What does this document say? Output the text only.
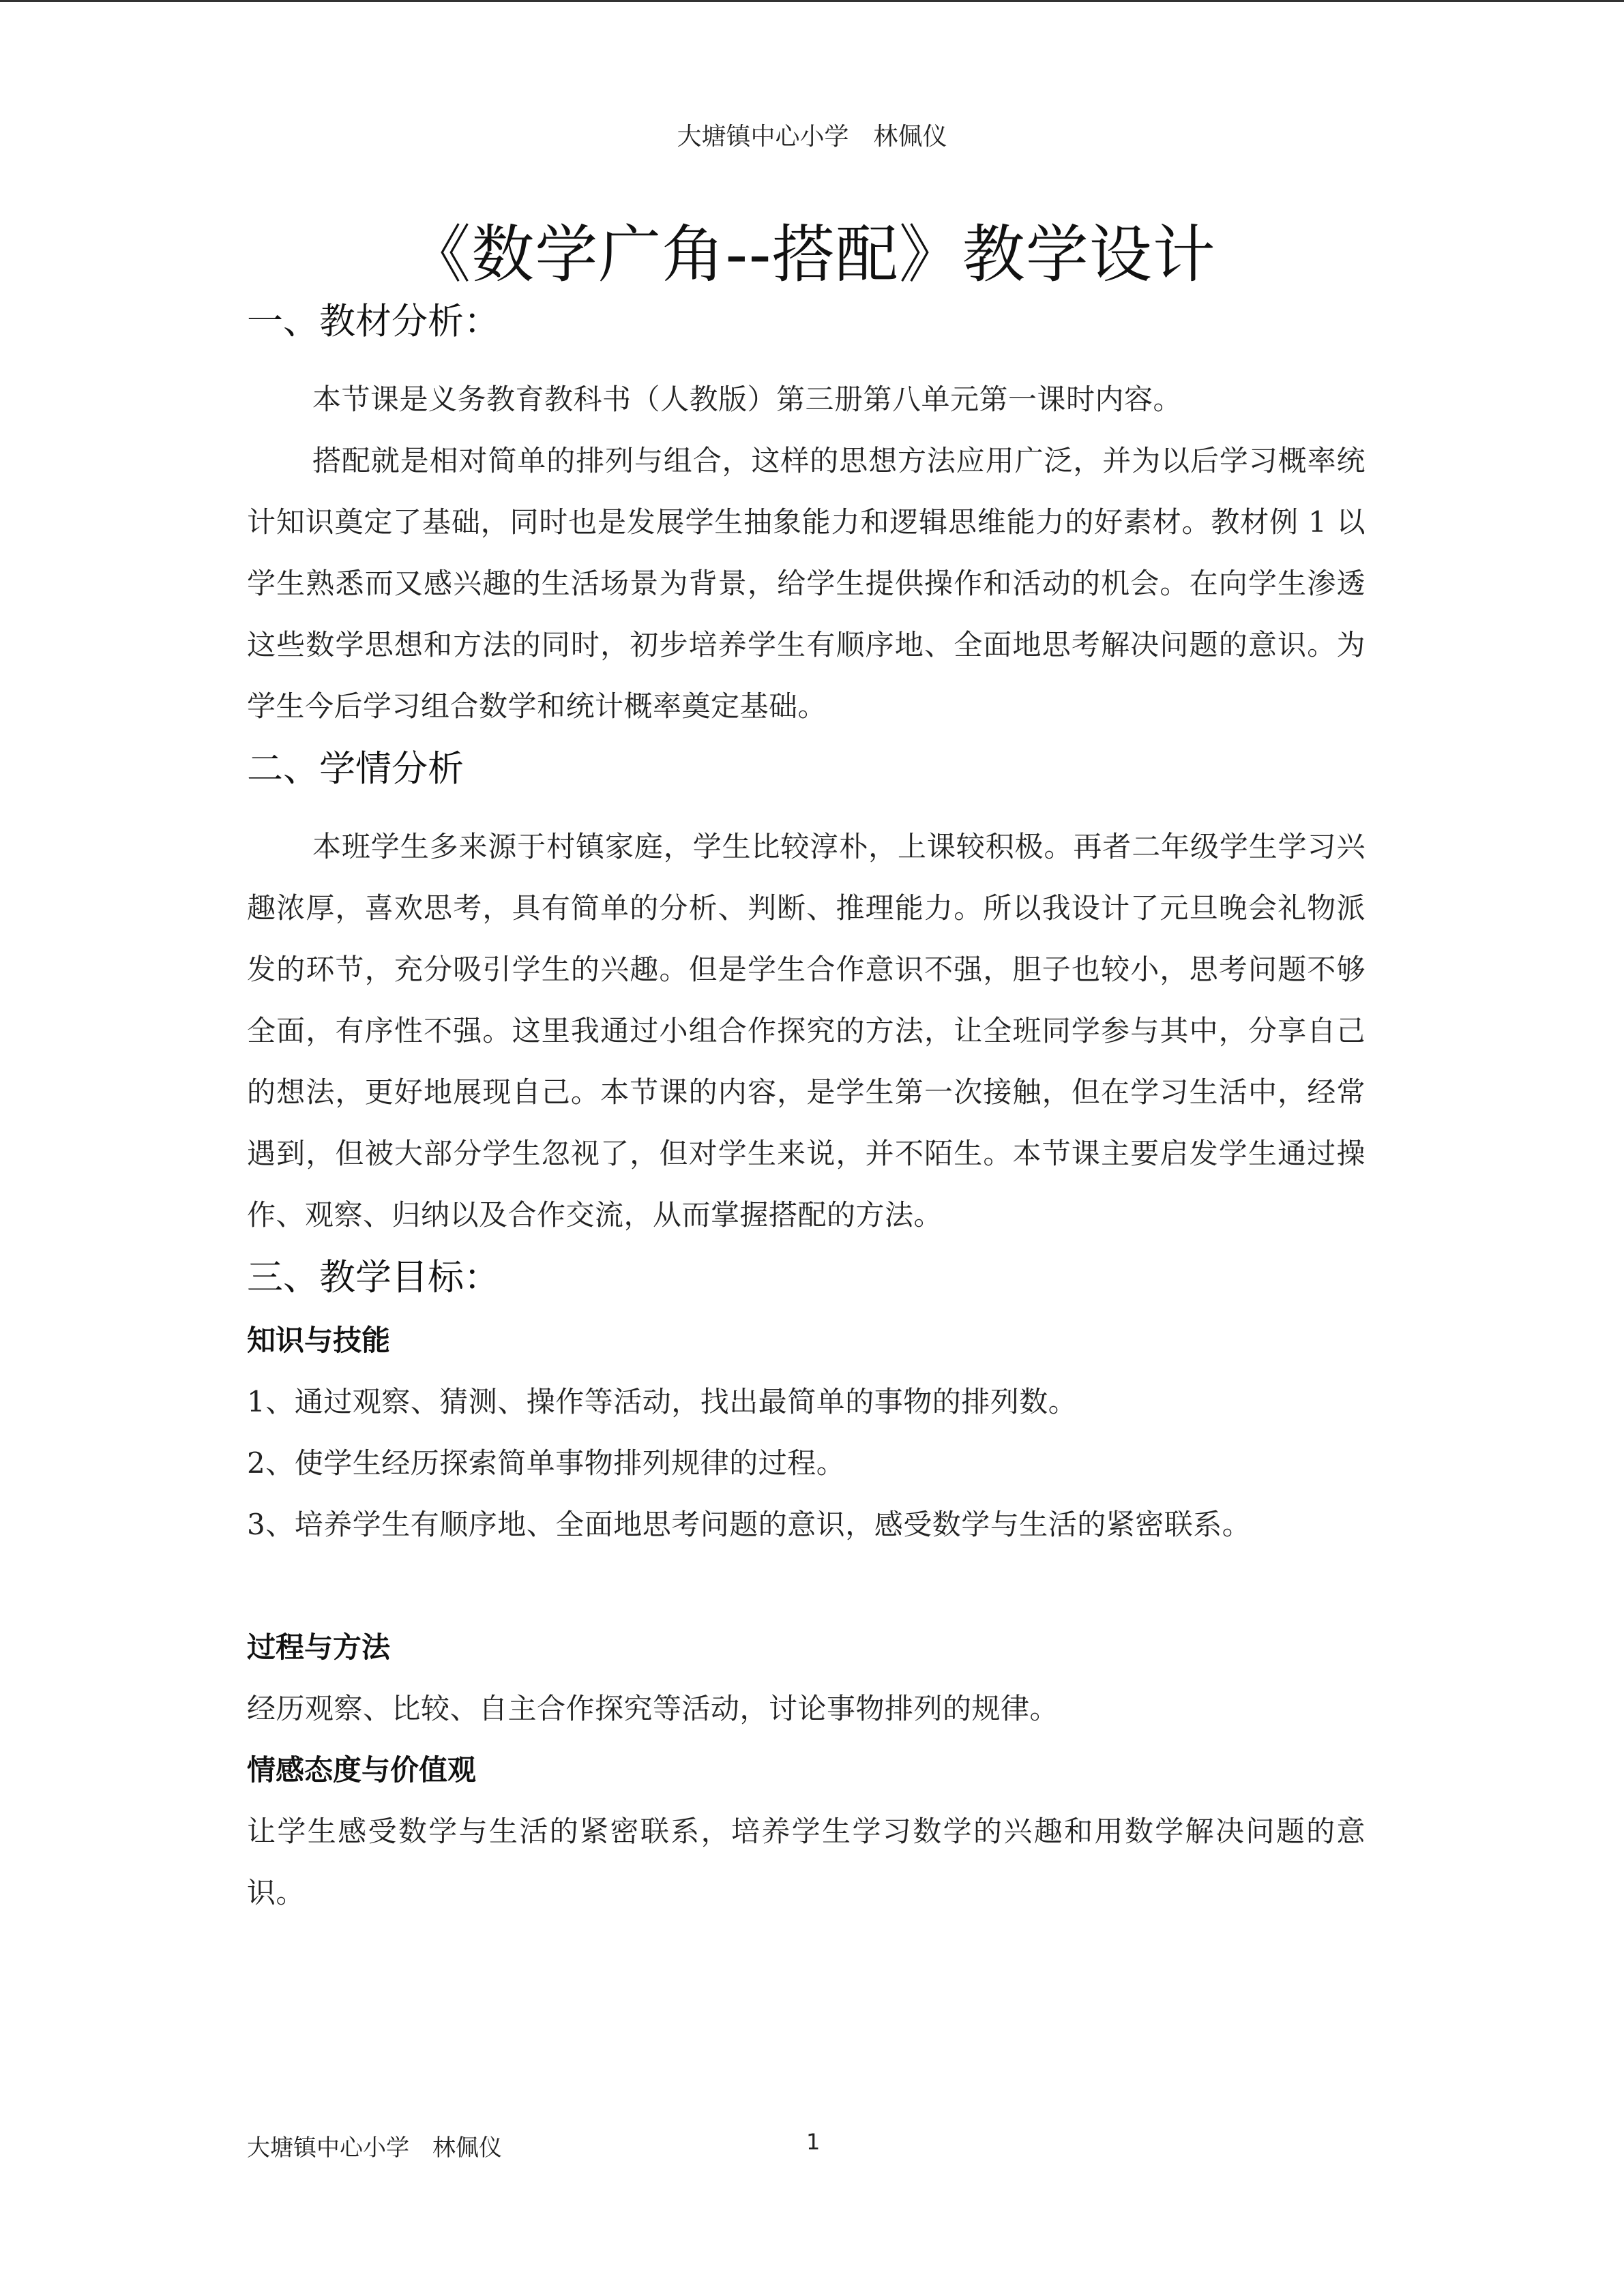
大塘镇中心小学　林佩仪
《数学广角--搭配》教学设计
一、教材分析：

本节课是义务教育教科书（人教版）第三册第八单元第一课时内容。

搭配就是相对简单的排列与组合，这样的思想方法应用广泛，并为以后学习概率统计知识奠定了基础，同时也是发展学生抽象能力和逻辑思维能力的好素材。教材例 1 以学生熟悉而又感兴趣的生活场景为背景，给学生提供操作和活动的机会。在向学生渗透这些数学思想和方法的同时，初步培养学生有顺序地、全面地思考解决问题的意识。为学生今后学习组合数学和统计概率奠定基础。

二、学情分析

本班学生多来源于村镇家庭，学生比较淳朴，上课较积极。再者二年级学生学习兴趣浓厚，喜欢思考，具有简单的分析、判断、推理能力。所以我设计了元旦晚会礼物派发的环节，充分吸引学生的兴趣。但是学生合作意识不强，胆子也较小，思考问题不够全面，有序性不强。这里我通过小组合作探究的方法，让全班同学参与其中，分享自己的想法，更好地展现自己。本节课的内容，是学生第一次接触，但在学习生活中，经常遇到，但被大部分学生忽视了，但对学生来说，并不陌生。本节课主要启发学生通过操作、观察、归纳以及合作交流，从而掌握搭配的方法。

三、教学目标：
知识与技能

1、通过观察、猜测、操作等活动，找出最简单的事物的排列数。

2、使学生经历探索简单事物排列规律的过程。

3、培养学生有顺序地、全面地思考问题的意识，感受数学与生活的紧密联系。

过程与方法

经历观察、比较、自主合作探究等活动，讨论事物排列的规律。

情感态度与价值观

让学生感受数学与生活的紧密联系，培养学生学习数学的兴趣和用数学解决问题的意识。

大塘镇中心小学　林佩仪	1
